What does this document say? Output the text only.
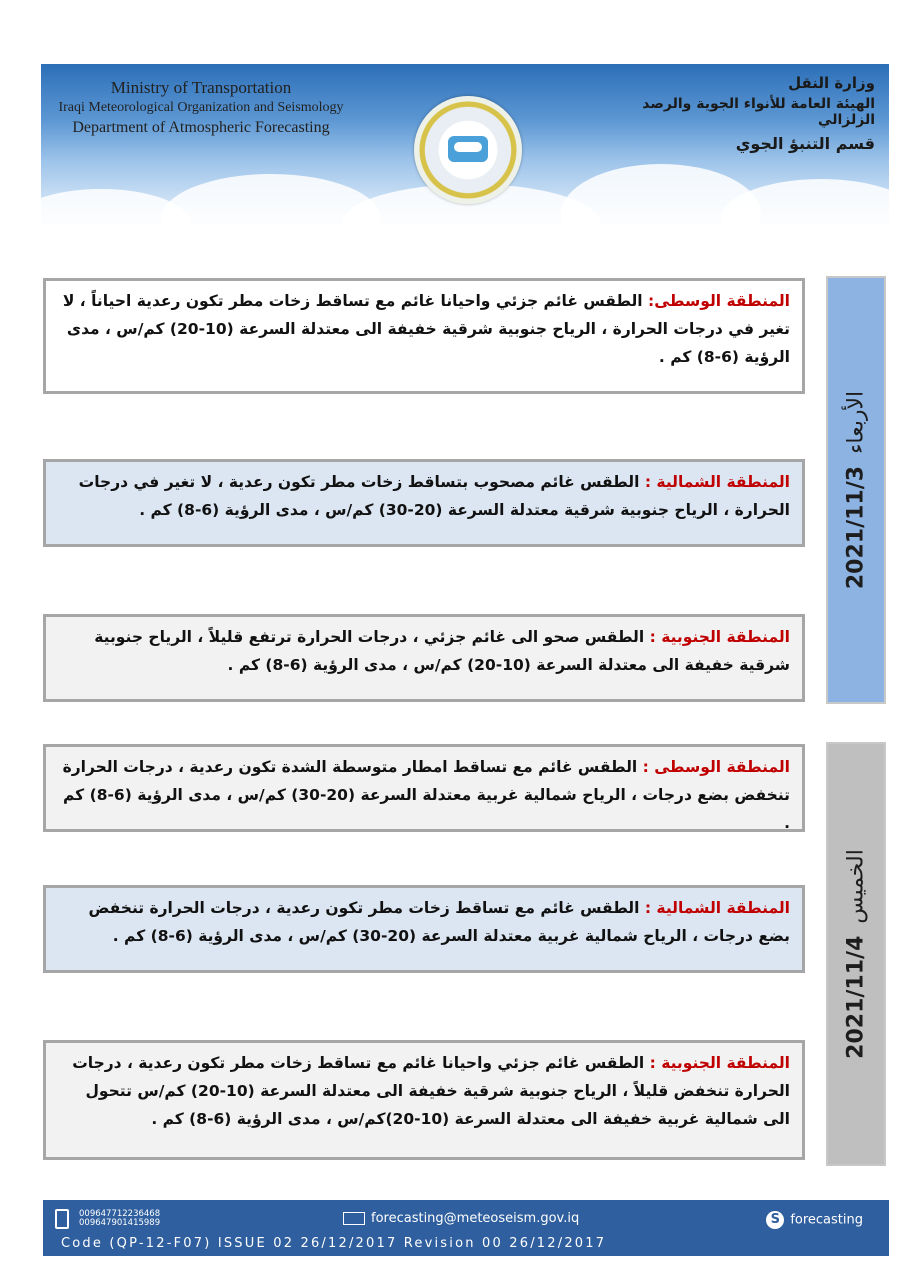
Ministry of Transportation
Iraqi Meteorological Organization and Seismology
Department of Atmospheric Forecasting
وزارة النقل
الهيئة العامة للأنواء الجوية والرصد الزلزالي
قسم التنبؤ الجوي
2021/11/3الأربعاء
المنطقة الوسطى: الطقس غائم جزئي واحيانا غائم مع تساقط زخات مطر تكون رعدية احياناً ، لا تغير في درجات الحرارة ، الرياح جنوبية شرقية خفيفة الى معتدلة السرعة (10-20) كم/س ، مدى الرؤية (6-8) كم .
المنطقة الشمالية : الطقس غائم مصحوب بتساقط زخات مطر تكون رعدية ، لا تغير في درجات الحرارة ، الرياح جنوبية شرقية معتدلة السرعة (20-30) كم/س ، مدى الرؤية (6-8) كم .
المنطقة الجنوبية : الطقس صحو الى غائم جزئي ، درجات الحرارة ترتفع قليلاً ، الرياح جنوبية شرقية خفيفة الى معتدلة السرعة (10-20) كم/س ، مدى الرؤية (6-8) كم .
2021/11/4الخميس
المنطقة الوسطى : الطقس غائم مع تساقط امطار متوسطة الشدة تكون رعدية ، درجات الحرارة تنخفض بضع درجات ، الرياح شمالية غربية معتدلة السرعة (20-30) كم/س ، مدى الرؤية (6-8) كم .
المنطقة الشمالية : الطقس غائم مع تساقط زخات مطر تكون رعدية ، درجات الحرارة تنخفض بضع درجات ، الرياح شمالية غربية معتدلة السرعة (20-30) كم/س ، مدى الرؤية (6-8) كم .
المنطقة الجنوبية : الطقس غائم جزئي واحيانا غائم مع تساقط زخات مطر تكون رعدية ، درجات الحرارة تنخفض قليلاً ، الرياح جنوبية شرقية خفيفة الى معتدلة السرعة (10-20) كم/س تتحول الى شمالية غربية خفيفة الى معتدلة السرعة (10-20)كم/س ، مدى الرؤية (6-8) كم .
009647712236468
009647901415989	forecasting@meteoseism.gov.iq	S forecasting
Code (QP-12-F07) ISSUE 02 26/12/2017 Revision 00 26/12/2017
